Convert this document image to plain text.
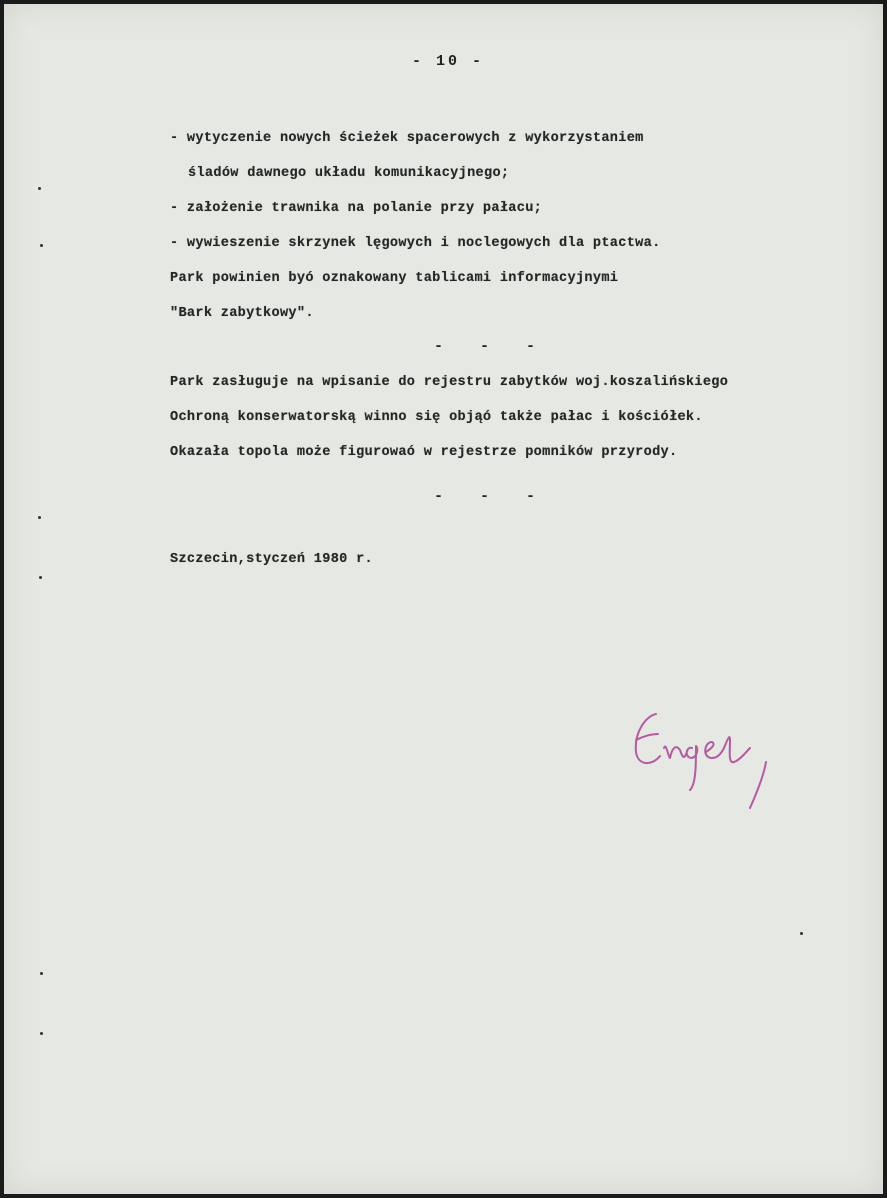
- 10 -
- wytyczenie nowych ścieżek spacerowych z wykorzystaniem
śladów dawnego układu komunikacyjnego;
- założenie trawnika na polanie przy pałacu;
- wywieszenie skrzynek lęgowych i noclegowych dla ptactwa.
Park powinien byó oznakowany tablicami informacyjnymi
"Bark zabytkowy".
- - -
Park zasługuje na wpisanie do rejestru zabytków woj.koszalińskiego
Ochroną konserwatorską winno się objąó także pałac i kościółek.
Okazała topola może figurowaó w rejestrze pomników przyrody.
- - -
Szczecin,styczeń 1980 r.
